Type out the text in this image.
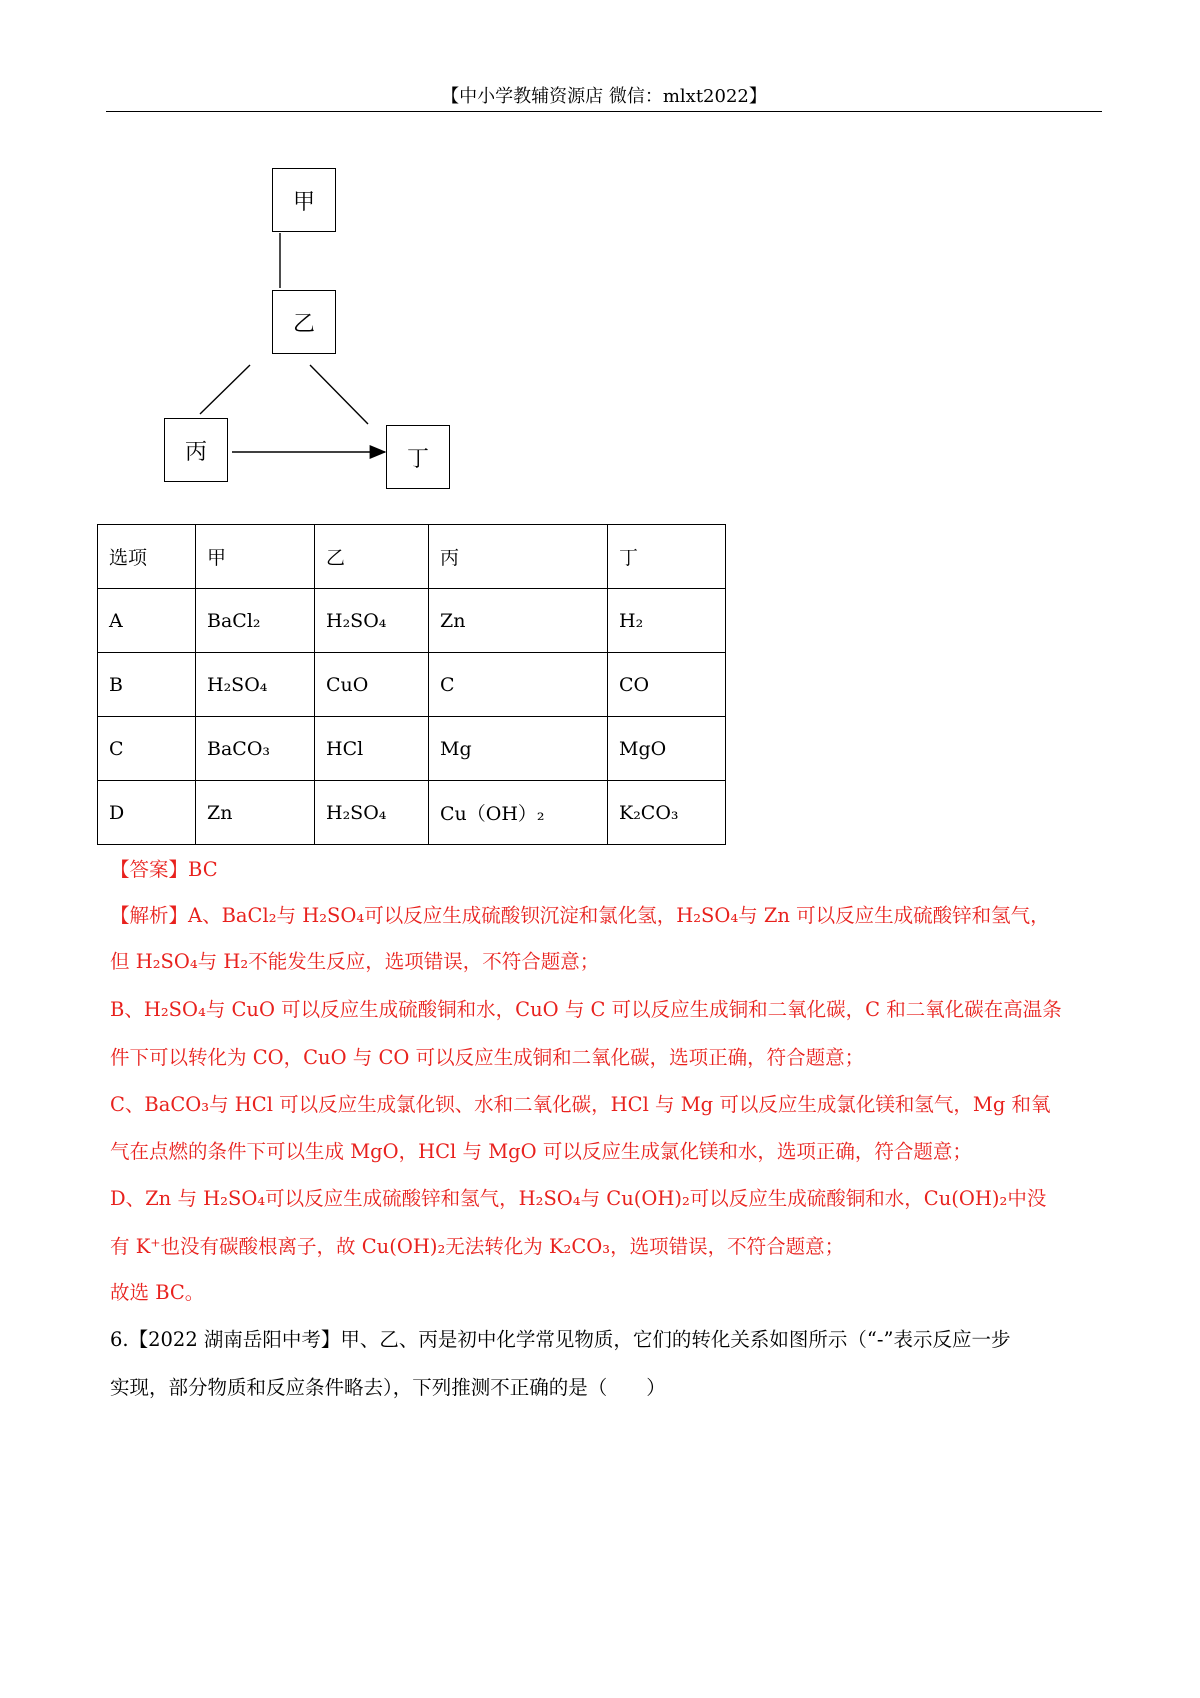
【中小学教辅资源店 微信：mlxt2022】
甲
乙
丙	丁
选项	甲	乙	丙	丁
A	BaCl₂	H₂SO₄	Zn	H₂
B	H₂SO₄	CuO	C	CO
C	BaCO₃	HCl	Mg	MgO
D	Zn	H₂SO₄	Cu（OH）₂	K₂CO₃
【答案】BC
【解析】A、BaCl₂与 H₂SO₄可以反应生成硫酸钡沉淀和氯化氢，H₂SO₄与 Zn 可以反应生成硫酸锌和氢气，
但 H₂SO₄与 H₂不能发生反应，选项错误，不符合题意；
B、H₂SO₄与 CuO 可以反应生成硫酸铜和水，CuO 与 C 可以反应生成铜和二氧化碳，C 和二氧化碳在高温条
件下可以转化为 CO，CuO 与 CO 可以反应生成铜和二氧化碳，选项正确，符合题意；
C、BaCO₃与 HCl 可以反应生成氯化钡、水和二氧化碳，HCl 与 Mg 可以反应生成氯化镁和氢气，Mg 和氧
气在点燃的条件下可以生成 MgO，HCl 与 MgO 可以反应生成氯化镁和水，选项正确，符合题意；
D、Zn 与 H₂SO₄可以反应生成硫酸锌和氢气，H₂SO₄与 Cu(OH)₂可以反应生成硫酸铜和水，Cu(OH)₂中没
有 K⁺也没有碳酸根离子，故 Cu(OH)₂无法转化为 K₂CO₃，选项错误，不符合题意；
故选 BC。
6.【2022 湖南岳阳中考】甲、乙、丙是初中化学常见物质，它们的转化关系如图所示（“-”表示反应一步
实现，部分物质和反应条件略去），下列推测不正确的是（　　）
